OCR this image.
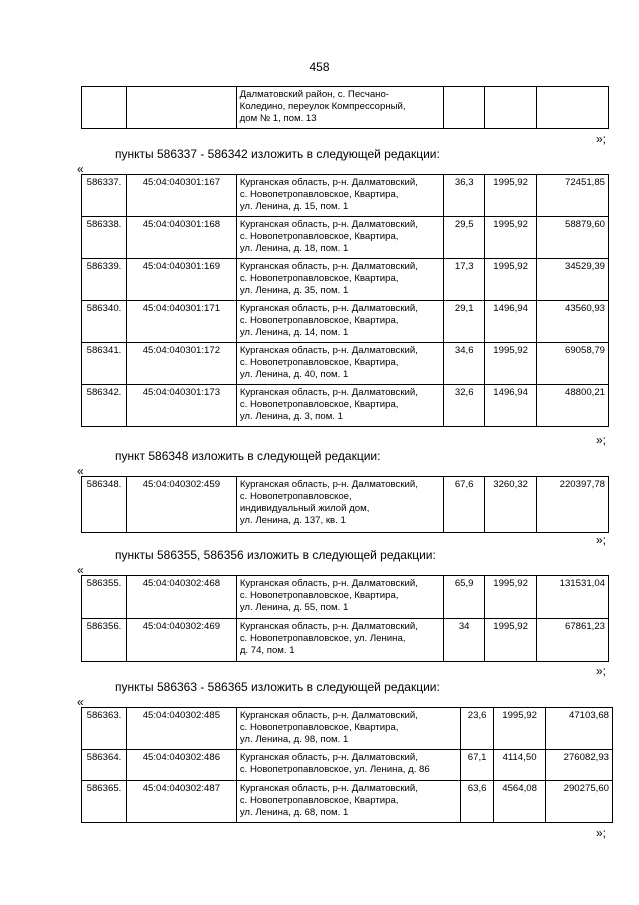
458

Далматовский район, с. Песчано-
Коледино, переулок Компрессорный,
дом № 1, пом. 13

»;
пункты 586337 - 586342 изложить в следующей редакции:
«
586337.	45:04:040301:167	Курганская область, р-н. Далматовский,
с. Новопетропавловское, Квартира,
ул. Ленина, д. 15, пом. 1	36,3	1995,92	72451,85
586338.	45:04:040301:168	Курганская область, р-н. Далматовский,
с. Новопетропавловское, Квартира,
ул. Ленина, д. 18, пом. 1	29,5	1995,92	58879,60
586339.	45:04:040301:169	Курганская область, р-н. Далматовский,
с. Новопетропавловское, Квартира,
ул. Ленина, д. 35, пом. 1	17,3	1995,92	34529,39
586340.	45:04:040301:171	Курганская область, р-н. Далматовский,
с. Новопетропавловское, Квартира,
ул. Ленина, д. 14, пом. 1	29,1	1496,94	43560,93
586341.	45:04:040301:172	Курганская область, р-н. Далматовский,
с. Новопетропавловское, Квартира,
ул. Ленина, д. 40, пом. 1	34,6	1995,92	69058,79
586342.	45:04:040301:173	Курганская область, р-н. Далматовский,
с. Новопетропавловское, Квартира,
ул. Ленина, д. 3, пом. 1	32,6	1496,94	48800,21
»;
пункт 586348 изложить в следующей редакции:
«
586348.	45:04:040302:459	Курганская область, р-н. Далматовский,
с. Новопетропавловское,
индивидуальный жилой дом,
ул. Ленина, д. 137, кв. 1
	67,6	3260,32	220397,78
»;
пункты 586355, 586356 изложить в следующей редакции:
«
586355.	45:04:040302:468	Курганская область, р-н. Далматовский,
с. Новопетропавловское, Квартира,
ул. Ленина, д. 55, пом. 1	65,9	1995,92	131531,04
586356.	45:04:040302:469	Курганская область, р-н. Далматовский,
с. Новопетропавловское, ул. Ленина,
д. 74, пом. 1	34	1995,92	67861,23
»;
пункты 586363 - 586365 изложить в следующей редакции:
«
586363.	45:04:040302:485	Курганская область, р-н. Далматовский,
с. Новопетропавловское, Квартира,
ул. Ленина, д. 98, пом. 1	23,6	1995,92	47103,68
586364.	45:04:040302:486	Курганская область, р-н. Далматовский,
с. Новопетропавловское, ул. Ленина, д. 86	67,1	4114,50	276082,93
586365.	45:04:040302:487	Курганская область, р-н. Далматовский,
с. Новопетропавловское, Квартира,
ул. Ленина, д. 68, пом. 1	63,6	4564,08	290275,60
»;
